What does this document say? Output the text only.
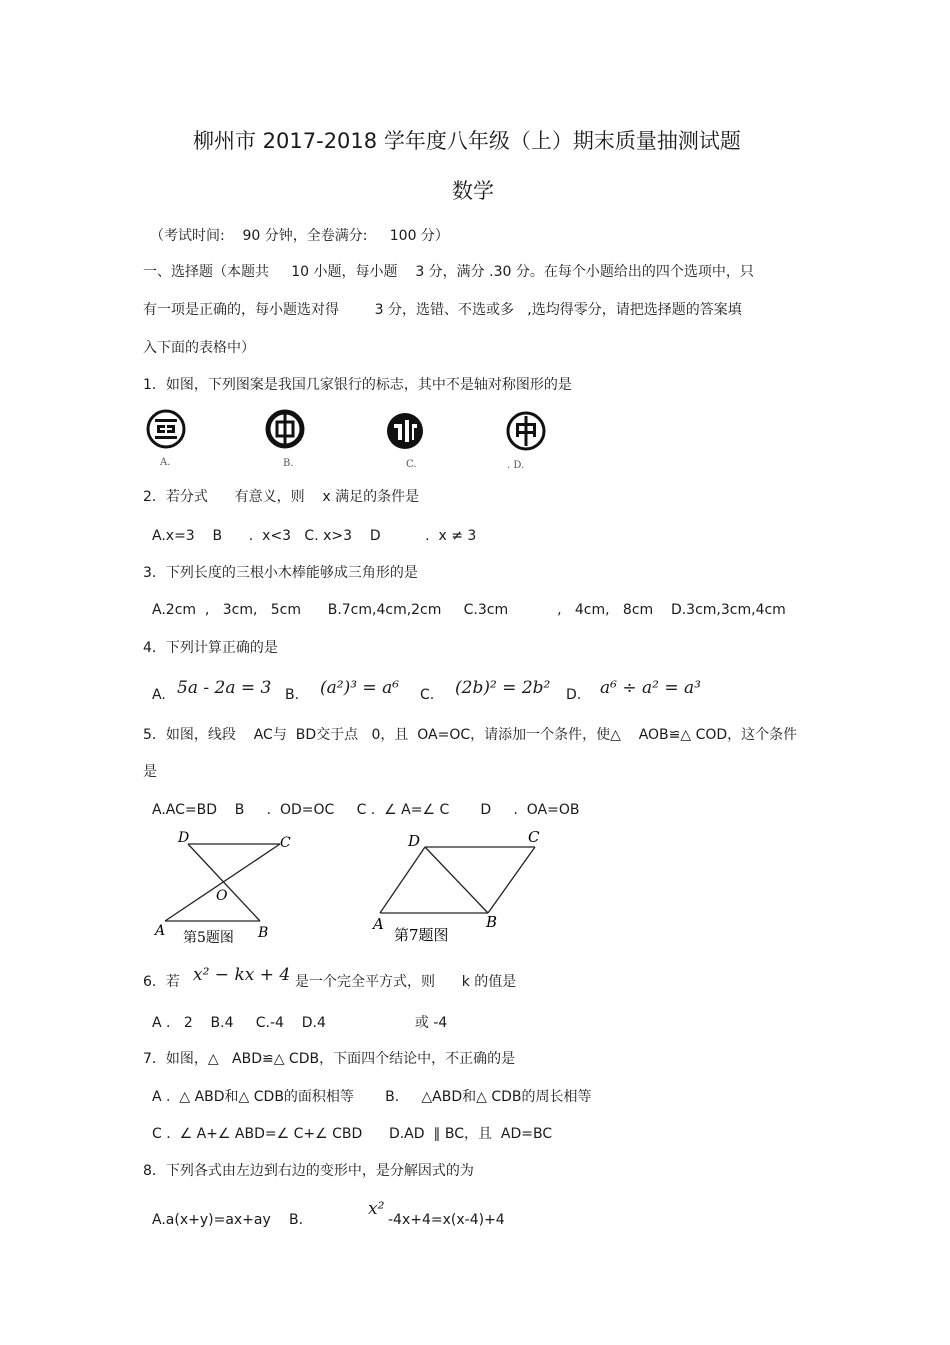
柳州市 2017-2018 学年度八年级（上）期末质量抽测试题
数学
（考试时间:    90 分钟，全卷满分:     100 分）
一、选择题（本题共     10 小题，每小题    3 分，满分 .30 分。在每个小题给出的四个选项中，只
有一项是正确的，每小题选对得        3 分，选错、不选或多   ,选均得零分，请把选择题的答案填
入下面的表格中）
1．如图，下列图案是我国几家银行的标志，其中不是轴对称图形的是
A.	B.	C.	. D.
2．若分式      有意义，则    x 满足的条件是
A.x=3    B      .  x<3   C. x>3    D          .  x ≠ 3
3．下列长度的三根小木棒能够成三角形的是
A.2cm  ,   3cm,   5cm      B.7cm,4cm,2cm     C.3cm           ,   4cm,   8cm    D.3cm,3cm,4cm
4．下列计算正确的是
A. 5a - 2a = 3 B. (a²)³ = a⁶ C. (2b)² = 2b² D. a⁶ ÷ a² = a³
5．如图，线段    AC与  BD交于点   0，且  OA=OC，请添加一个条件，使△    AOB≌△ COD，这个条件
是
A.AC=BD    B     .  OD=OC     C .  ∠ A=∠ C       D     .  OA=OB
D	C
O
A	B
第5题图
D	C
A	B
第7题图
6．若 x² − kx + 4 是一个完全平方式，则      k 的值是
A .   2    B.4     C.-4    D.4                    或 -4
7．如图，△   ABD≌△ CDB，下面四个结论中，不正确的是
A .  △ ABD和△ CDB的面积相等       B.     △ABD和△ CDB的周长相等
C .  ∠ A+∠ ABD=∠ C+∠ CBD      D.AD  ∥ BC，且  AD=BC
8．下列各式由左边到右边的变形中，是分解因式的为
A.a(x+y)=ax+ay B.
x²
-4x+4=x(x-4)+4
